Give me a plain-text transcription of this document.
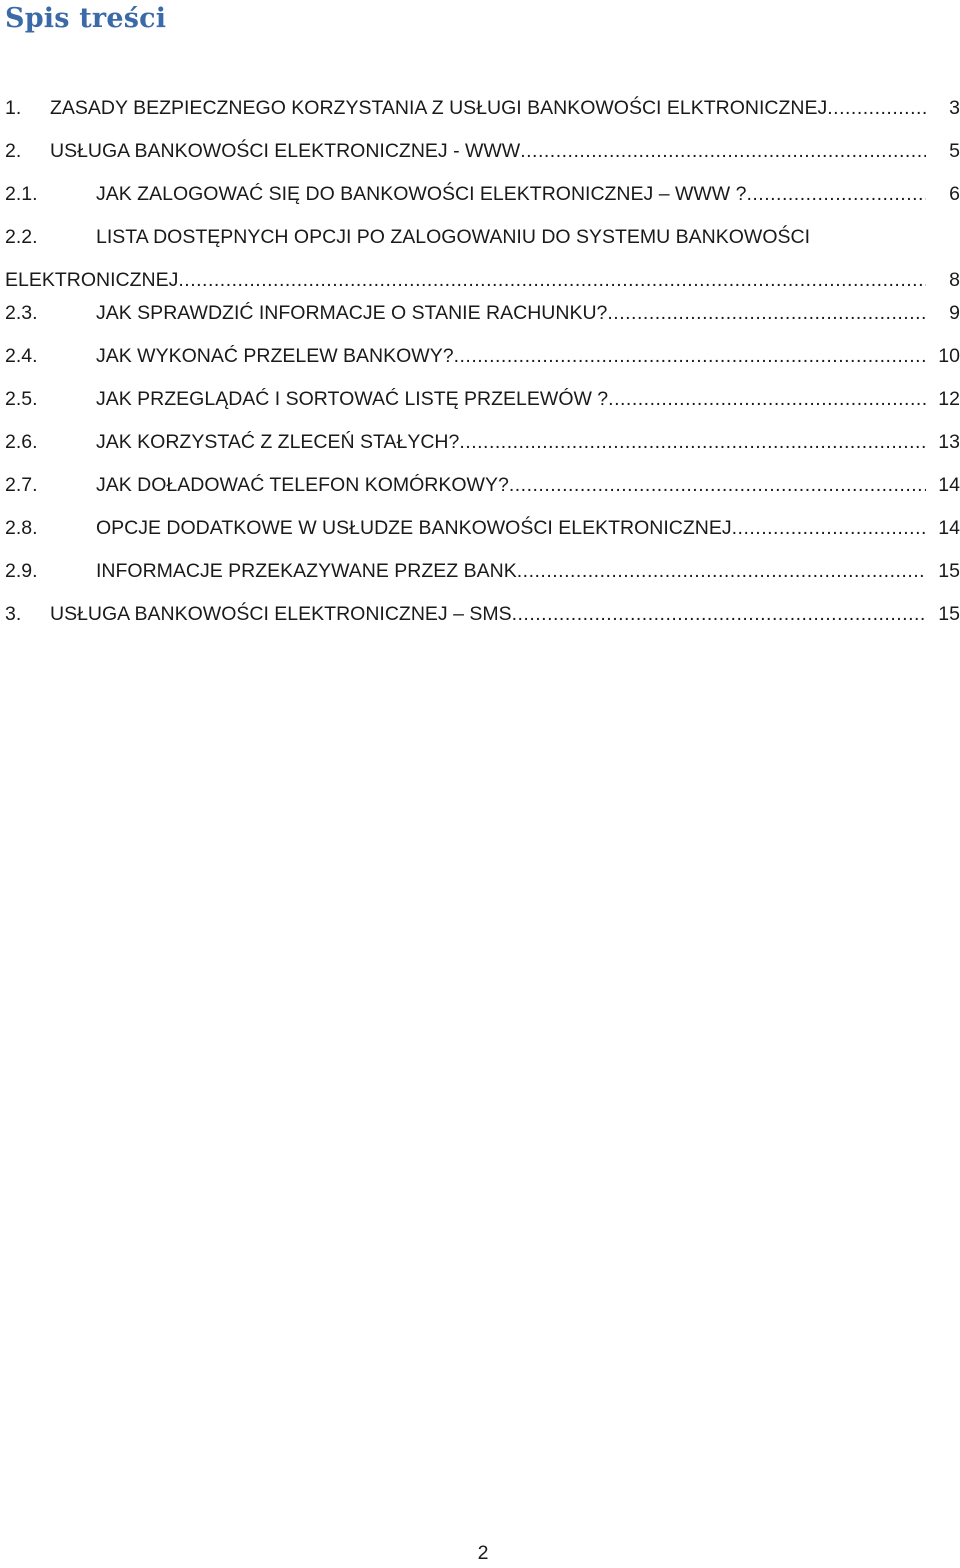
Spis treści
1. ZASADY BEZPIECZNEGO KORZYSTANIA Z USŁUGI BANKOWOŚCI ELKTRONICZNEJ .....	3
2. USŁUGA BANKOWOŚCI ELEKTRONICZNEJ - WWW .....	5
2.1.	JAK ZALOGOWAĆ SIĘ DO BANKOWOŚCI ELEKTRONICZNEJ – WWW ? .....	6
2.2.	LISTA DOSTĘPNYCH OPCJI PO ZALOGOWANIU DO SYSTEMU BANKOWOŚCI
ELEKTRONICZNEJ .....	8
2.3.	JAK SPRAWDZIĆ INFORMACJE O STANIE RACHUNKU? .....	9
2.4.	JAK WYKONAĆ PRZELEW BANKOWY? .....	10
2.5.	JAK PRZEGLĄDAĆ I SORTOWAĆ LISTĘ PRZELEWÓW ? .....	12
2.6.	JAK KORZYSTAĆ Z ZLECEŃ STAŁYCH? .....	13
2.7.	JAK DOŁADOWAĆ TELEFON KOMÓRKOWY? .....	14
2.8.	OPCJE DODATKOWE W USŁUDZE BANKOWOŚCI ELEKTRONICZNEJ .....	14
2.9.	INFORMACJE PRZEKAZYWANE PRZEZ BANK .....	15
3. USŁUGA BANKOWOŚCI ELEKTRONICZNEJ – SMS .....	15
2
